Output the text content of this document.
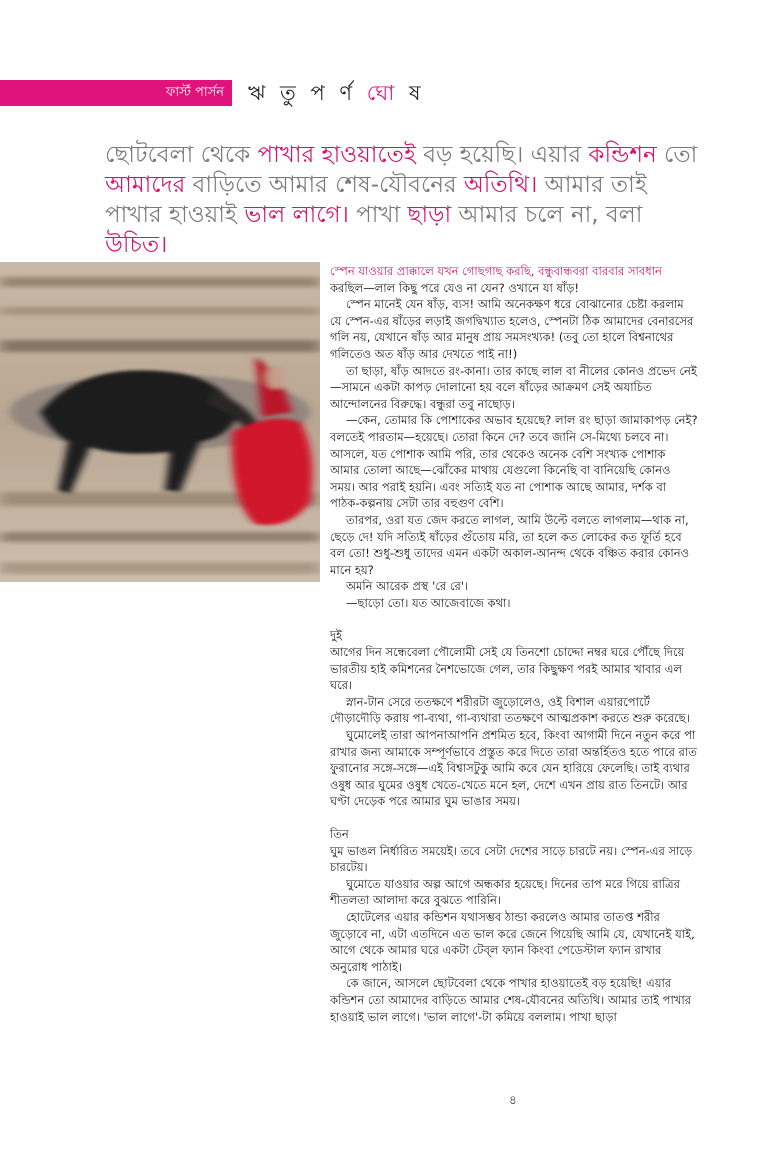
ফার্স্ট পার্সন ঋ তু প র্ণ ঘো ষ
ছোটবেলা থেকে পাখার হাওয়াতেই বড় হয়েছি। এয়ার কন্ডিশন তো আমাদের বাড়িতে আমার শেষ-যৌবনের অতিথি। আমার তাই পাখার হাওয়াই ভাল লাগে। পাখা ছাড়া আমার চলে না, বলা উচিত।

স্পেন যাওয়ার প্রাক্কালে যখন গোছগাছ করছি, বন্ধুবান্ধবরা বারবার সাবধান

করছিল—লাল কিছু পরে যেও না যেন? ওখানে যা ষাঁড়!

স্পেন মানেই যেন ষাঁড়, ব্যস! আমি অনেকক্ষণ ধরে বোঝানোর চেষ্টা করলাম যে স্পেন-এর ষাঁড়ের লড়াই জগদ্বিখ্যাত হলেও, স্পেনটা ঠিক আমাদের বেনারসের গলি নয়, যেখানে ষাঁড় আর মানুষ প্রায় সমসংখ্যক! (তবু তো হালে বিশ্বনাথের গলিতেও অত ষাঁড় আর দেখতে পাই না!)

তা ছাড়া, ষাঁড় আদতে রং-কানা। তার কাছে লাল বা নীলের কোনও প্রভেদ নেই—সামনে একটা কাপড় দোলানো হয় বলে ষাঁড়ের আক্রমণ সেই অযাচিত আন্দোলনের বিরুদ্ধে। বন্ধুরা তবু নাছোড়।

—কেন, তোমার কি পোশাকের অভাব হয়েছে? লাল রং ছাড়া জামাকাপড় নেই? বলতেই পারতাম—হয়েছে। তোরা কিনে দে? তবে জানি সে-মিথ্যে চলবে না। আসলে, যত পোশাক আমি পরি, তার থেকেও অনেক বেশি সংখ্যক পোশাক আমার তোলা আছে—ঝোঁকের মাথায় যেগুলো কিনেছি বা বানিয়েছি কোনও সময়। আর পরাই হয়নি। এবং সত্যিই যত না পোশাক আছে আমার, দর্শক বা পাঠক-কল্পনায় সেটা তার বহুগুণ বেশি।

তারপর, ওরা যত জেদ করতে লাগল, আমি উল্টে বলতে লাগলাম—থাক না, ছেড়ে দে! যদি সত্যিই ষাঁড়ের গুঁতোয় মরি, তা হলে কত লোকের কত ফূর্তি হবে বল তো! শুধু-শুধু তাদের এমন একটা অকাল-আনন্দ থেকে বঞ্চিত করার কোনও মানে হয়?

অমনি আরেক প্রস্থ 'রে রে'।

—ছাড়ো তো। যত আজেবাজে কথা।

দুই

আগের দিন সন্ধেবেলা পৌলোমী সেই যে তিনশো চোদ্দো নম্বর ঘরে পৌঁছে দিয়ে ভারতীয় হাই কমিশনের নৈশভোজে গেল, তার কিছুক্ষণ পরই আমার খাবার এল ঘরে।

স্নান-টান সেরে ততক্ষণে শরীরটা জুড়োলেও, ওই বিশাল এয়ারপোর্টে দৌড়াদৌড়ি করায় পা-ব্যথা, গা-ব্যথারা ততক্ষণে আত্মপ্রকাশ করতে শুরু করেছে।

ঘুমোলেই তারা আপনাআপনি প্রশমিত হবে, কিংবা আগামী দিনে নতুন করে পা রাখার জন্য আমাকে সম্পূর্ণভাবে প্রস্তুত করে দিতে তারা অন্তর্হিতও হতে পারে রাত ফুরানোর সঙ্গে-সঙ্গে—এই বিশ্বাসটুকু আমি কবে যেন হারিয়ে ফেলেছি। তাই ব্যথার ওষুধ আর ঘুমের ওষুধ খেতে-খেতে মনে হল, দেশে এখন প্রায় রাত তিনটে। আর ঘণ্টা দেড়েক পরে আমার ঘুম ভাঙার সময়।

তিন

ঘুম ভাঙল নির্ধারিত সময়েই। তবে সেটা দেশের সাড়ে চারটে নয়। স্পেন-এর সাড়ে চারটেয়।

ঘুমোতে যাওয়ার অল্প আগে অন্ধকার হয়েছে। দিনের তাপ মরে গিয়ে রাত্রির শীতলতা আলাদা করে বুঝতে পারিনি।

হোটেলের এয়ার কন্ডিশন যথাসম্ভব ঠান্ডা করলেও আমার তাতপ্ত শরীর জুড়োবে না, এটা এতদিনে এত ভাল করে জেনে গিয়েছি আমি যে, যেখানেই যাই, আগে থেকে আমার ঘরে একটা টেব্‌ল ফ্যান কিংবা পেডেস্টাল ফ্যান রাখার অনুরোধ পাঠাই।

কে জানে, আসলে ছোটবেলা থেকে পাখার হাওয়াতেই বড় হয়েছি! এয়ার কন্ডিশন তো আমাদের বাড়িতে আমার শেষ-যৌবনের অতিথি। আমার তাই পাখার হাওয়াই ভাল লাগে। 'ভাল লাগে'-টা কমিয়ে বললাম। পাখা ছাড়া

৪
